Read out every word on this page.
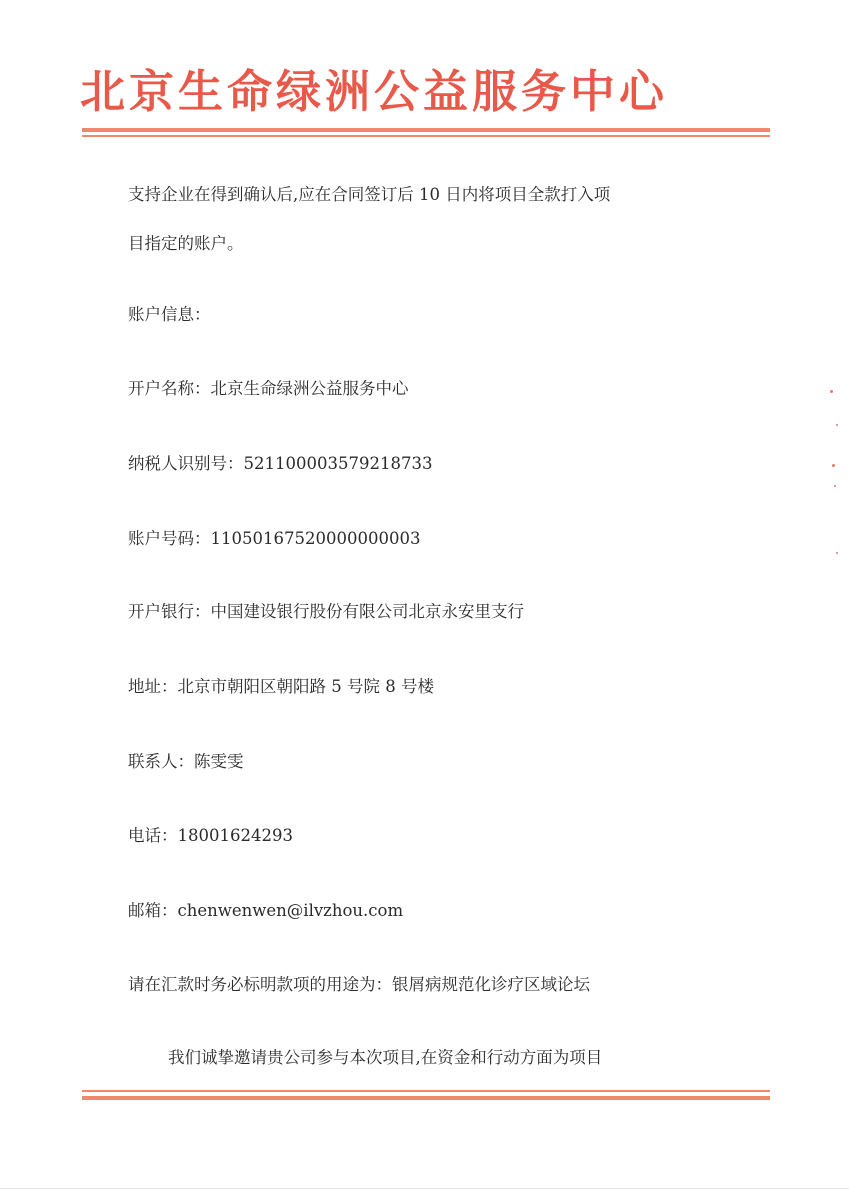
北京生命绿洲公益服务中心
支持企业在得到确认后,应在合同签订后 10 日内将项目全款打入项
目指定的账户。
账户信息：
开户名称：北京生命绿洲公益服务中心
纳税人识别号：521100003579218733
账户号码：11050167520000000003
开户银行：中国建设银行股份有限公司北京永安里支行
地址：北京市朝阳区朝阳路 5 号院 8 号楼
联系人：陈雯雯
电话：18001624293
邮箱：chenwenwen@ilvzhou.com
请在汇款时务必标明款项的用途为：银屑病规范化诊疗区域论坛
我们诚挚邀请贵公司参与本次项目,在资金和行动方面为项目
